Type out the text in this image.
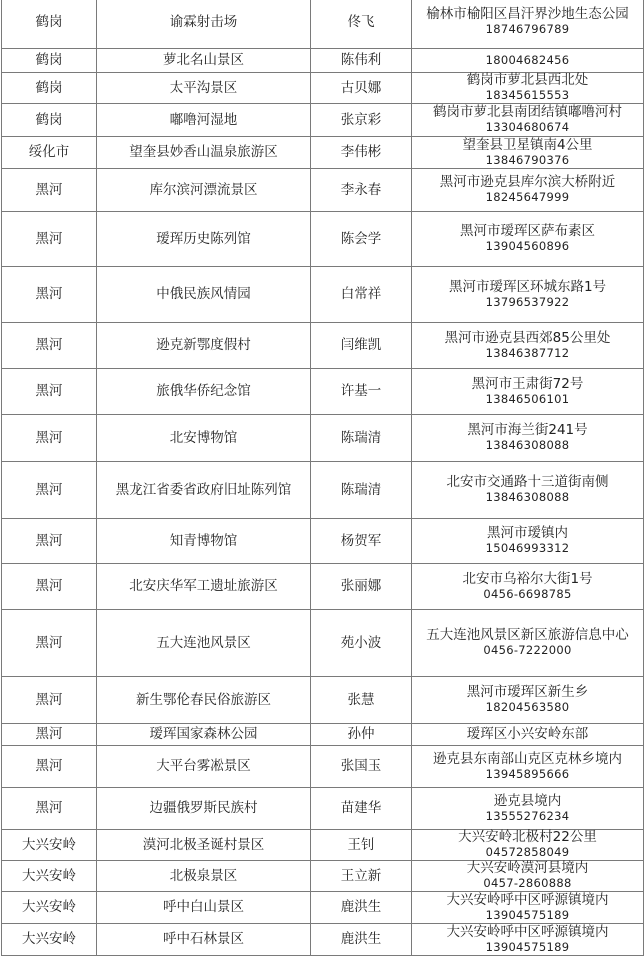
鹤岗	谕霖射击场	佟飞	榆林市榆阳区昌汗界沙地生态公园
18746796789

鹤岗	萝北名山景区	陈伟利	18004682456

鹤岗	太平沟景区	古贝娜	鹤岗市萝北县西北处
18345615553

鹤岗	嘟噜河湿地	张京彩	鹤岗市萝北县南团结镇嘟噜河村
13304680674

绥化市	望奎县妙香山温泉旅游区	李伟彬	望奎县卫星镇南4公里
13846790376

黑河	库尔滨河漂流景区	李永春	黑河市逊克县库尔滨大桥附近
18245647999

黑河	瑷珲历史陈列馆	陈会学	黑河市瑷珲区萨布素区
13904560896

黑河	中俄民族风情园	白常祥	黑河市瑷珲区环城东路1号
13796537922

黑河	逊克新鄂度假村	闫维凯	黑河市逊克县西郊85公里处
13846387712

黑河	旅俄华侨纪念馆	许基一	黑河市王肃街72号
13846506101

黑河	北安博物馆	陈瑞清	黑河市海兰街241号
13846308088

黑河	黑龙江省委省政府旧址陈列馆	陈瑞清	北安市交通路十三道街南侧
13846308088

黑河	知青博物馆	杨贺军	黑河市瑷镇内
15046993312

黑河	北安庆华军工遗址旅游区	张丽娜	北安市乌裕尔大街1号
0456-6698785

黑河	五大连池风景区	苑小波	五大连池风景区新区旅游信息中心
0456-7222000

黑河	新生鄂伦春民俗旅游区	张慧	黑河市瑷珲区新生乡
18204563580

黑河	瑷珲国家森林公园	孙仲	瑷珲区小兴安岭东部

黑河	大平台雾凇景区	张国玉	逊克县东南部山克区克林乡境内
13945895666

黑河	边疆俄罗斯民族村	苗建华	逊克县境内
13555276234

大兴安岭	漠河北极圣诞村景区	王钊	大兴安岭北极村22公里
04572858049

大兴安岭	北极泉景区	王立新	大兴安岭漠河县境内
0457-2860888

大兴安岭	呼中白山景区	鹿洪生	大兴安岭呼中区呼源镇境内
13904575189

大兴安岭	呼中石林景区	鹿洪生	大兴安岭呼中区呼源镇境内
13904575189
